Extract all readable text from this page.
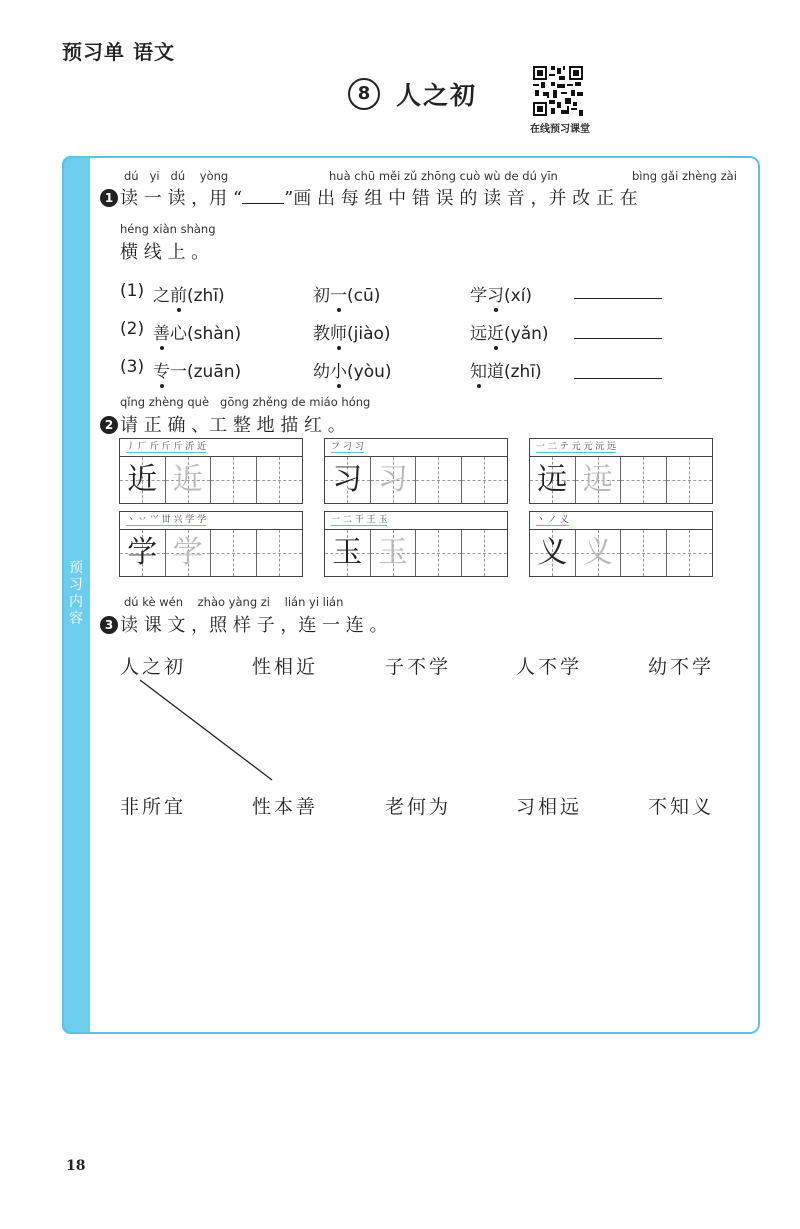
预习单 语文
8 人之初
在线预习课堂
预
习
内
容
dú yi dú yòng	huà chū měi zǔ zhōng cuò wù de dú yīn	bìng gǎi zhèng zài
1 读 一 读 ，用 “ ”画 出 每 组 中 错 误 的 读 音 ，并 改 正 在
héng xiàn shàng
横 线 上 。
(1) 之前(zhī)	初一(cū)	学习(xí)
(2) 善心(shàn)	教师(jiào)	远近(yǎn)
(3) 专一(zuān)	幼小(yòu)	知道(zhī)
qǐng zhèng què   gōng zhěng de miáo hóng
2 请 正 确 、工 整 地 描 红 。
丿 厂 斤 斤 斤 沂 近
近 近
フ 刁 习
习 习
一 二 テ 元 元 沅 远
远 远
丶 丷 ⺍ 丗 兴 学 学
学 学
一 二 干 王 玉
玉 玉
丶 ノ 义
义 义
dú kè wén    zhào yàng zi    lián yi lián
3 读 课 文 ，照 样 子 ，连 一 连 。
人之初	性相近	子不学	人不学	幼不学
非所宜	性本善	老何为	习相远	不知义
18
